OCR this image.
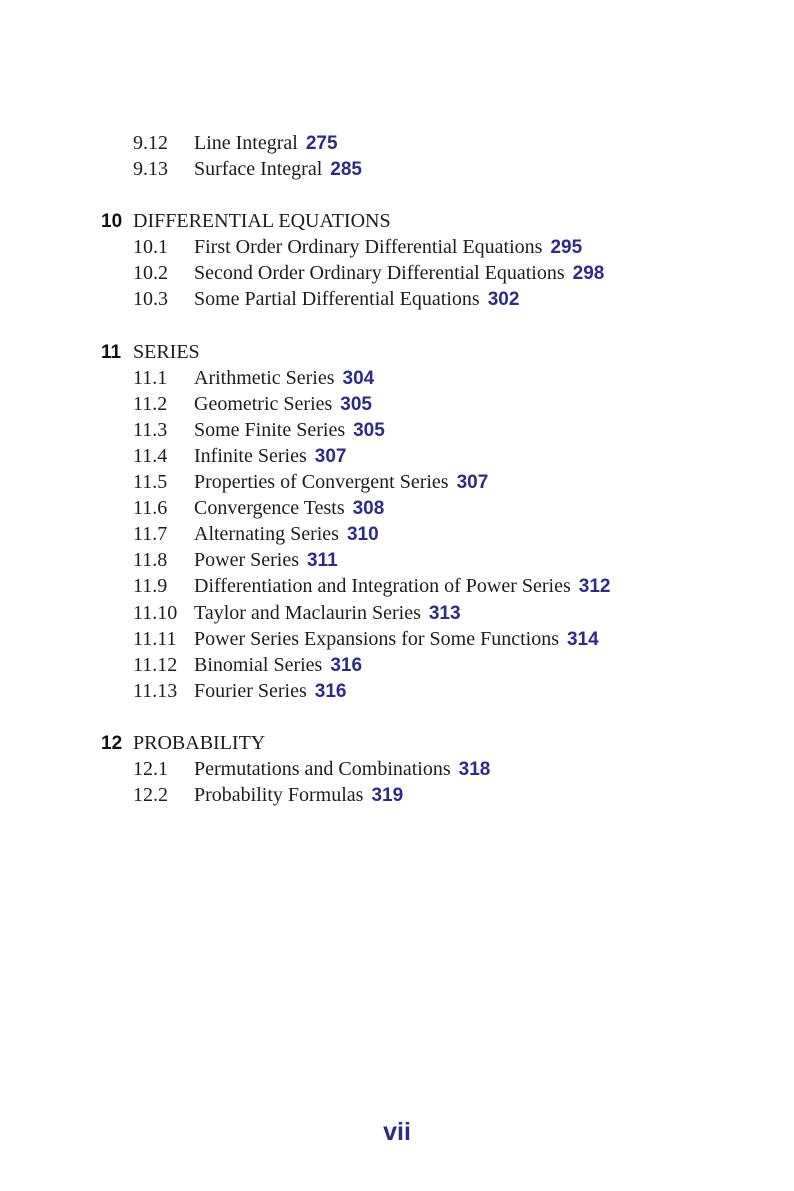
9.12 Line Integral 275
9.13 Surface Integral 285
10 DIFFERENTIAL EQUATIONS
10.1 First Order Ordinary Differential Equations 295
10.2 Second Order Ordinary Differential Equations 298
10.3 Some Partial Differential Equations 302
11 SERIES
11.1 Arithmetic Series 304
11.2 Geometric Series 305
11.3 Some Finite Series 305
11.4 Infinite Series 307
11.5 Properties of Convergent Series 307
11.6 Convergence Tests 308
11.7 Alternating Series 310
11.8 Power Series 311
11.9 Differentiation and Integration of Power Series 312
11.10 Taylor and Maclaurin Series 313
11.11 Power Series Expansions for Some Functions 314
11.12 Binomial Series 316
11.13 Fourier Series 316
12 PROBABILITY
12.1 Permutations and Combinations 318
12.2 Probability Formulas 319
vii
